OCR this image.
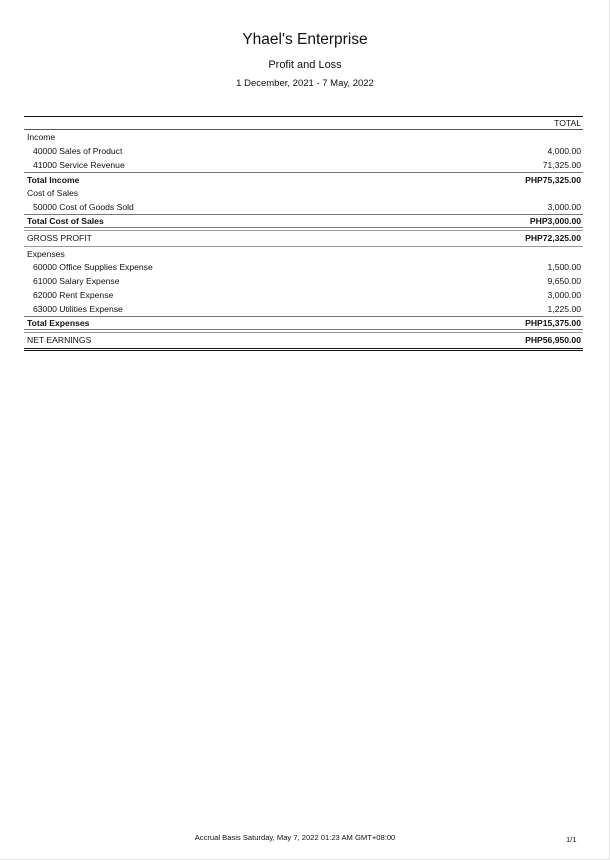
Yhael's Enterprise
Profit and Loss
1 December, 2021 - 7 May, 2022
TOTAL
Income
40000 Sales of Product	4,000.00
41000 Service Revenue	71,325.00
Total Income	PHP75,325.00
Cost of Sales
50000 Cost of Goods Sold	3,000.00
Total Cost of Sales	PHP3,000.00
GROSS PROFIT	PHP72,325.00
Expenses
60000 Office Supplies Expense	1,500.00
61000 Salary Expense	9,650.00
62000 Rent Expense	3,000.00
63000 Utilities Expense	1,225.00
Total Expenses	PHP15,375.00
NET EARNINGS	PHP56,950.00
Accrual Basis Saturday, May 7, 2022 01:23 AM GMT+08:00	1/1
